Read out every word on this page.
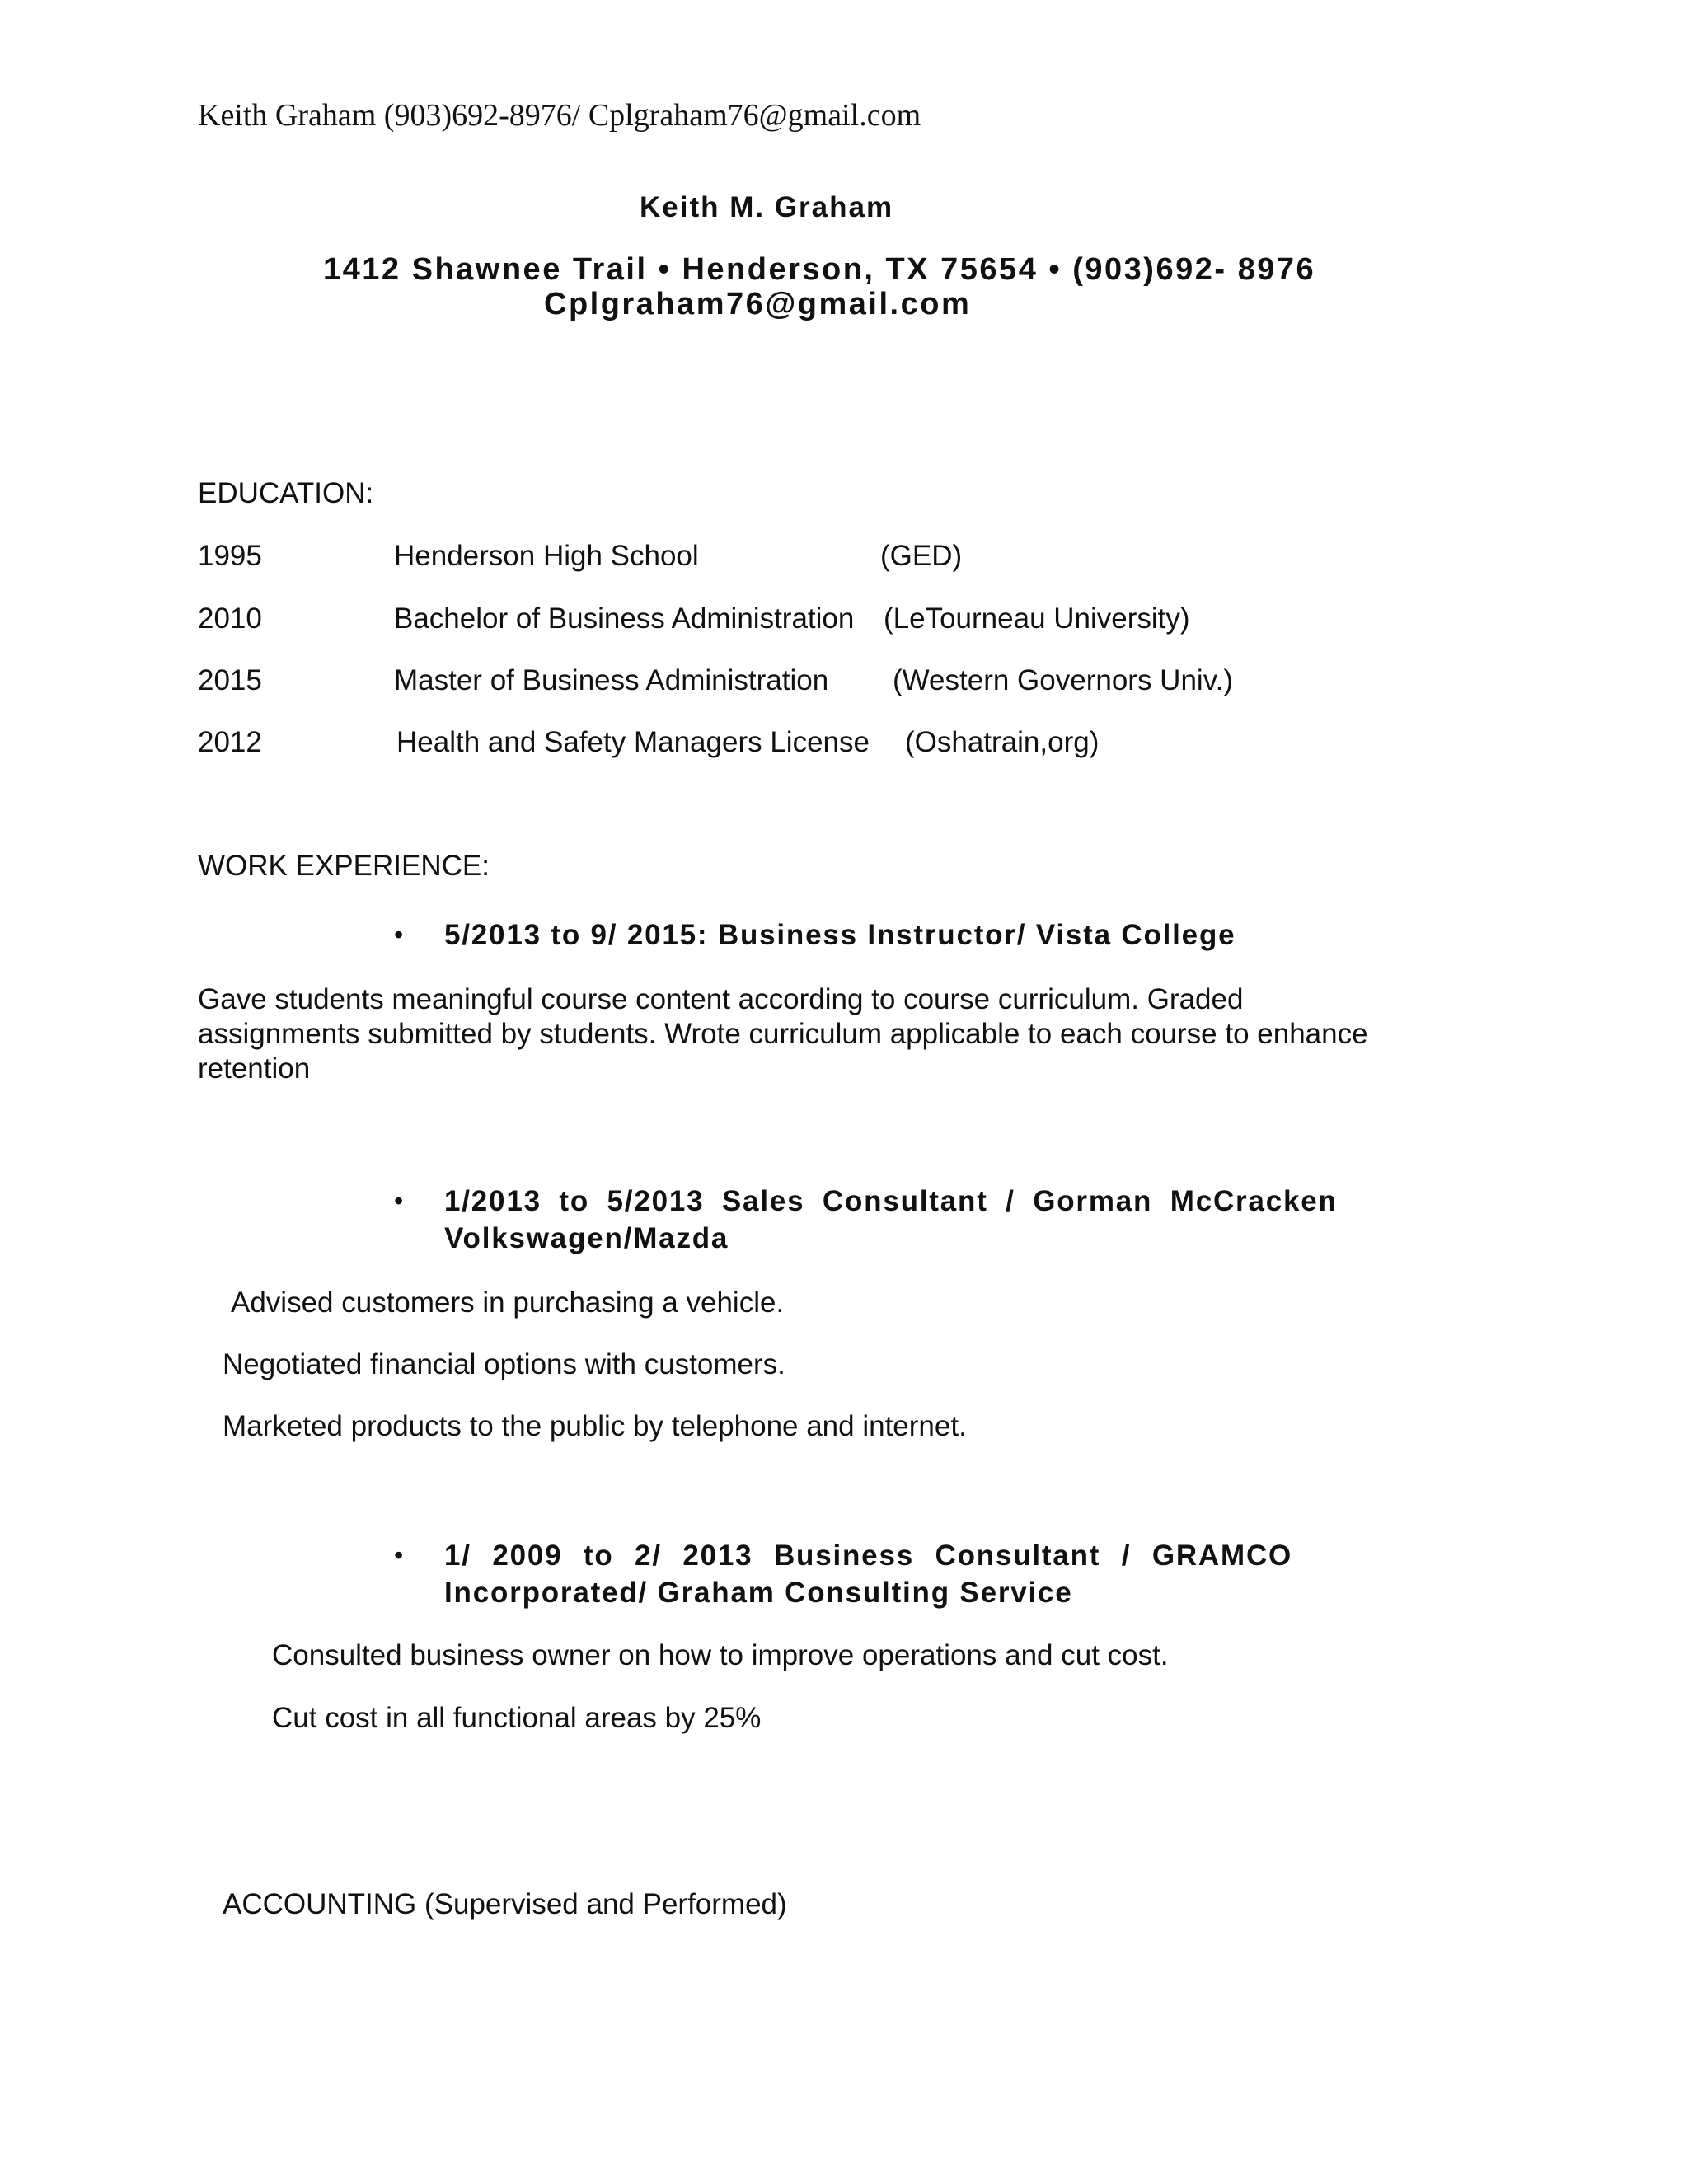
Keith Graham (903)692-8976/ Cplgraham76@gmail.com

Keith M. Graham

1412 Shawnee Trail • Henderson, TX 75654 • (903)692- 8976

Cplgraham76@gmail.com

EDUCATION:

1995	Henderson High School	(GED)

2010	Bachelor of Business Administration (LeTourneau University)

2015	Master of Business Administration (Western Governors Univ.)

2012	Health and Safety Managers License (Oshatrain,org)

WORK EXPERIENCE:

• 5/2013 to 9/ 2015: Business Instructor/ Vista College

Gave students meaningful course content according to course curriculum. Graded

assignments submitted by students. Wrote curriculum applicable to each course to enhance

retention

• 1/2013 to 5/2013 Sales Consultant / Gorman McCracken

Volkswagen/Mazda

Advised customers in purchasing a vehicle.

Negotiated financial options with customers.

Marketed products to the public by telephone and internet.

• 1/ 2009 to 2/ 2013 Business Consultant / GRAMCO

Incorporated/ Graham Consulting Service

Consulted business owner on how to improve operations and cut cost.

Cut cost in all functional areas by 25%

ACCOUNTING (Supervised and Performed)
